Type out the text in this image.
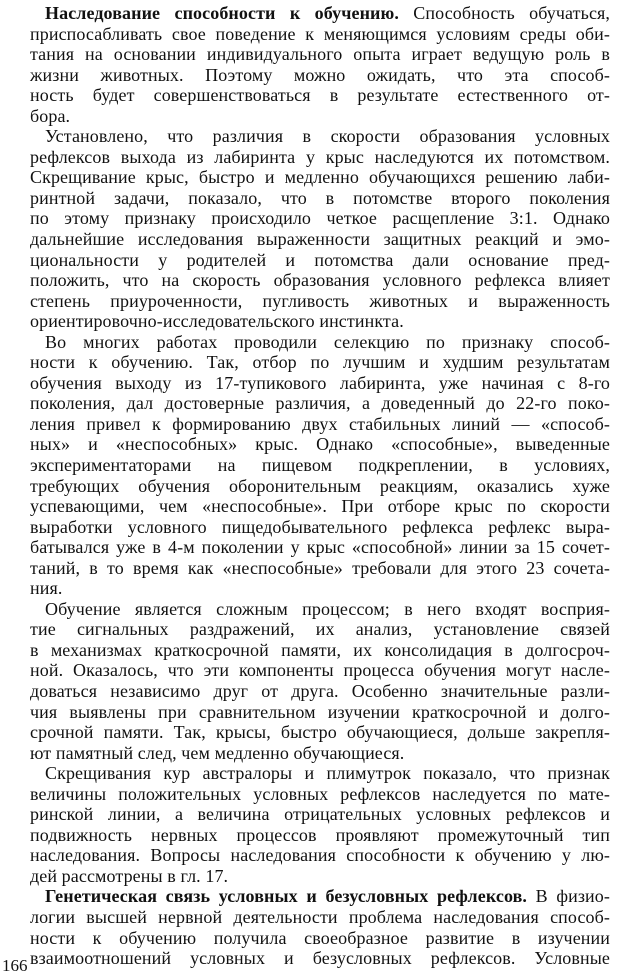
Наследование способности к обучению. Способность обучаться,
приспосабливать свое поведение к меняющимся условиям среды оби-
тания на основании индивидуального опыта играет ведущую роль в
жизни животных. Поэтому можно ожидать, что эта способ-
ность будет совершенствоваться в результате естественного от-
бора.
Установлено, что различия в скорости образования условных
рефлексов выхода из лабиринта у крыс наследуются их потомством.
Скрещивание крыс, быстро и медленно обучающихся решению лаби-
ринтной задачи, показало, что в потомстве второго поколения
по этому признаку происходило четкое расщепление 3:1. Однако
дальнейшие исследования выраженности защитных реакций и эмо-
циональности у родителей и потомства дали основание пред-
положить, что на скорость образования условного рефлекса влияет
степень приуроченности, пугливость животных и выраженность
ориентировочно-исследовательского инстинкта.
Во многих работах проводили селекцию по признаку способ-
ности к обучению. Так, отбор по лучшим и худшим результатам
обучения выходу из 17-тупикового лабиринта, уже начиная с 8-го
поколения, дал достоверные различия, а доведенный до 22-го поко-
ления привел к формированию двух стабильных линий — «способ-
ных» и «неспособных» крыс. Однако «способные», выведенные
экспериментаторами на пищевом подкреплении, в условиях,
требующих обучения оборонительным реакциям, оказались хуже
успевающими, чем «неспособные». При отборе крыс по скорости
выработки условного пищедобывательного рефлекса рефлекс выра-
батывался уже в 4-м поколении у крыс «способной» линии за 15 сочет-
таний, в то время как «неспособные» требовали для этого 23 сочета-
ния.
Обучение является сложным процессом; в него входят восприя-
тие сигнальных раздражений, их анализ, установление связей
в механизмах краткосрочной памяти, их консолидация в долгосроч-
ной. Оказалось, что эти компоненты процесса обучения могут насле-
доваться независимо друг от друга. Особенно значительные разли-
чия выявлены при сравнительном изучении краткосрочной и долго-
срочной памяти. Так, крысы, быстро обучающиеся, дольше закрепля-
ют памятный след, чем медленно обучающиеся.
Скрещивания кур австралоры и плимутрок показало, что признак
величины положительных условных рефлексов наследуется по мате-
ринской линии, а величина отрицательных условных рефлексов и
подвижность нервных процессов проявляют промежуточный тип
наследования. Вопросы наследования способности к обучению у лю-
дей рассмотрены в гл. 17.
Генетическая связь условных и безусловных рефлексов. В физио-
логии высшей нервной деятельности проблема наследования способ-
ности к обучению получила своеобразное развитие в изучении
взаимоотношений условных и безусловных рефлексов. Условные
166
